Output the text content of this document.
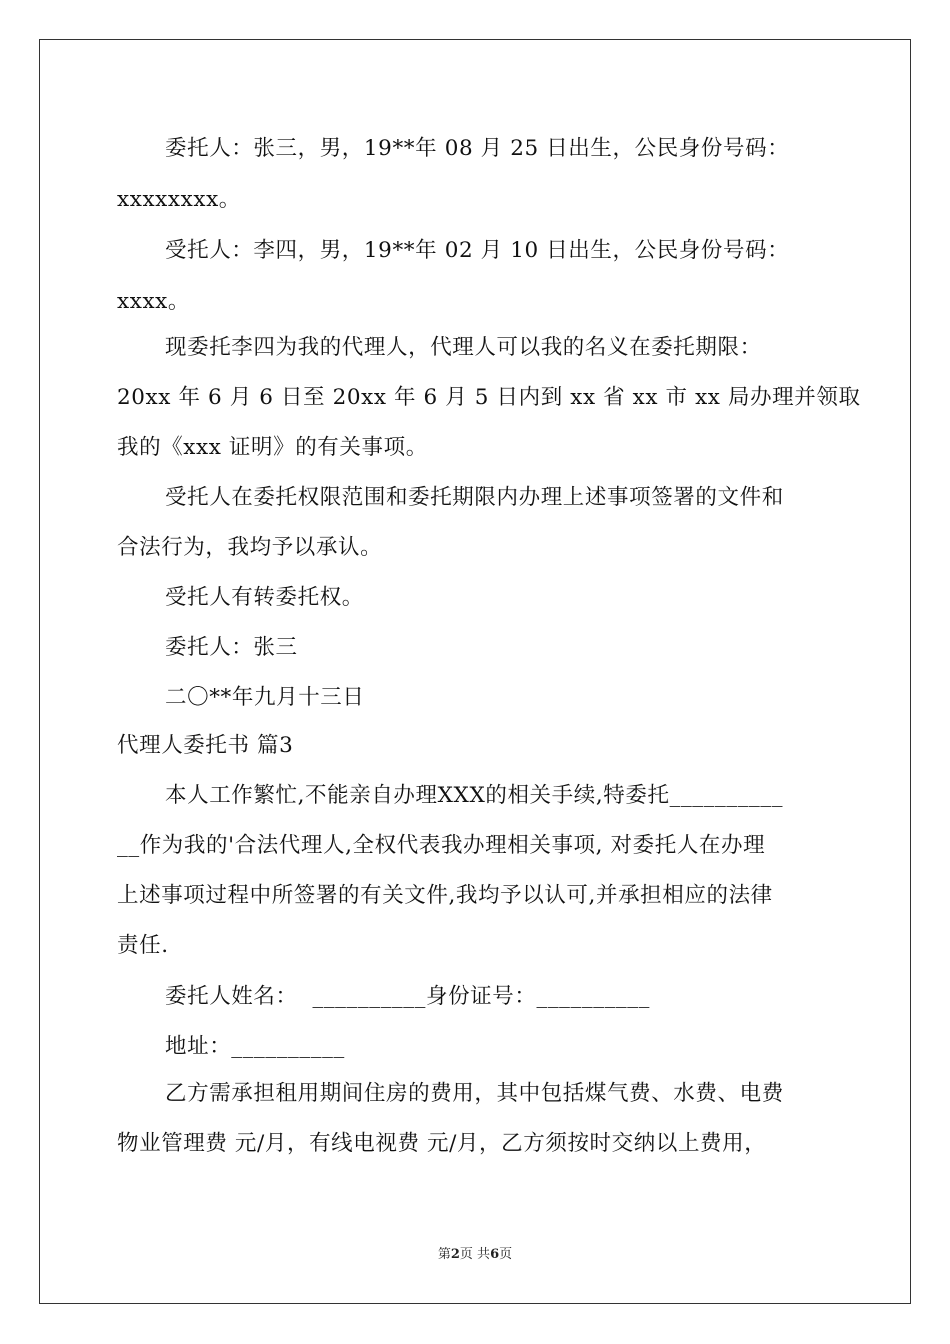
委托人：张三，男，19**年 08 月 25 日出生，公民身份号码：
xxxxxxxx。
受托人：李四，男，19**年 02 月 10 日出生，公民身份号码：
xxxx。
现委托李四为我的代理人，代理人可以我的名义在委托期限：
20xx 年 6 月 6 日至 20xx 年 6 月 5 日内到 xx 省 xx 市 xx 局办理并领取
我的《xxx 证明》的有关事项。
受托人在委托权限范围和委托期限内办理上述事项签署的文件和
合法行为，我均予以承认。
受托人有转委托权。
委托人：张三
二〇**年九月十三日
代理人委托书 篇3
本人工作繁忙,不能亲自办理XXX的相关手续,特委托__________
__作为我的'合法代理人,全权代表我办理相关事项, 对委托人在办理
上述事项过程中所签署的有关文件,我均予以认可,并承担相应的法律
责任.
委托人姓名：  __________身份证号：__________
地址：__________
乙方需承担租用期间住房的费用，其中包括煤气费、水费、电费
物业管理费 元/月，有线电视费 元/月，乙方须按时交纳以上费用，
第2页 共6页
